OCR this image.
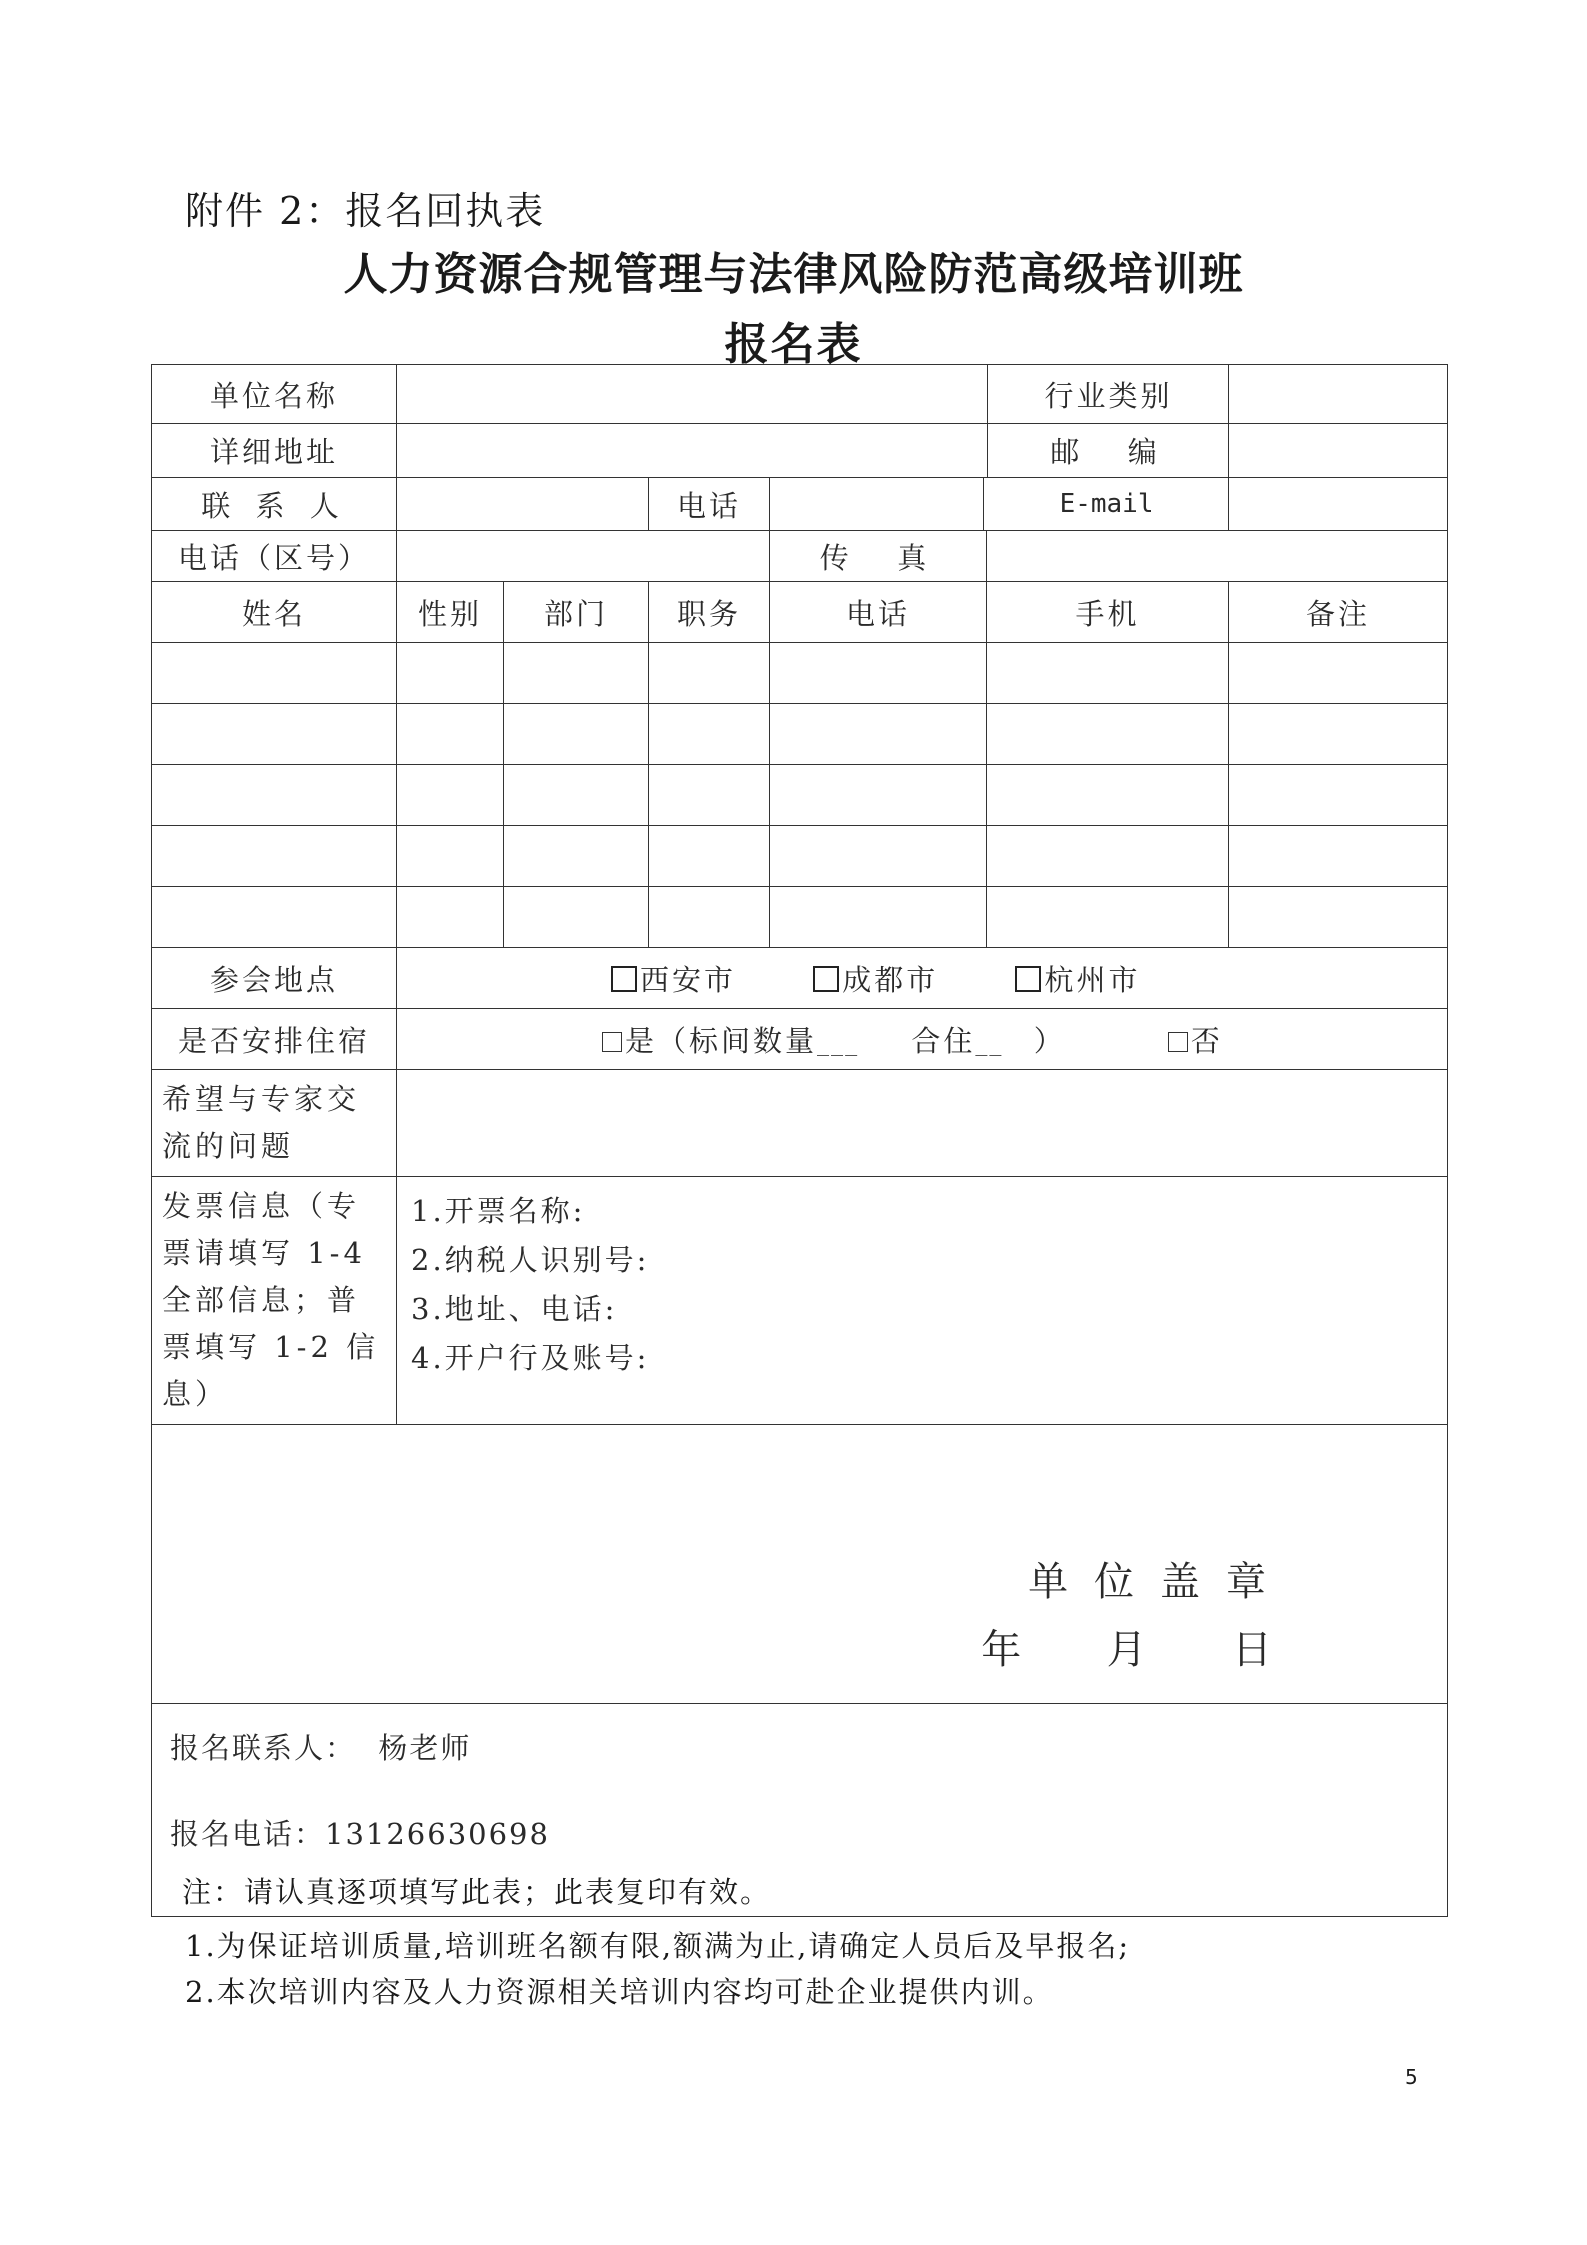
附件 2：报名回执表
人力资源合规管理与法律风险防范高级培训班
报名表
单位名称	行业类别					

详细地址	邮  编					

联 系 人			电话	E-mail		

电话（区号）				传  真		
姓名	性别	部门	职务	电话	手机	备注

参会地点	西安市 成都市 杭州市					
是否安排住宿	是（标间数量___ 合住__ ） 否					
希望与专家交流的问题						
发票信息（专票请填写 1-4 全部信息；普票填写 1-2 信息）	1.开票名称:
2.纳税人识别号:
3.地址、电话:
4.开户行及账号:					

单位盖章
年  月  日						

报名联系人：  杨老师
报名电话：13126630698						
注：请认真逐项填写此表；此表复印有效。
1.为保证培训质量,培训班名额有限,额满为止,请确定人员后及早报名;
2.本次培训内容及人力资源相关培训内容均可赴企业提供内训。
5
